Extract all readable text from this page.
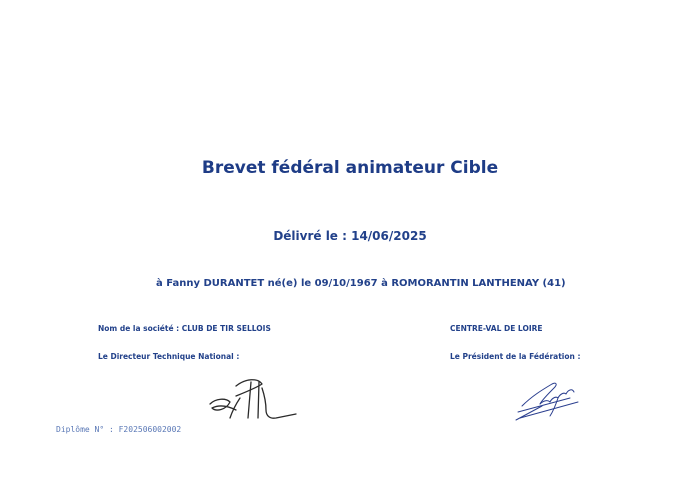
Brevet fédéral animateur Cible
Délivré le : 14/06/2025
à Fanny DURANTET né(e) le 09/10/1967 à ROMORANTIN LANTHENAY (41)
Nom de la société : CLUB DE TIR SELLOIS	CENTRE-VAL DE LOIRE
Le Directeur Technique National :	Le Président de la Fédération :
Diplôme N° : F202506002002
